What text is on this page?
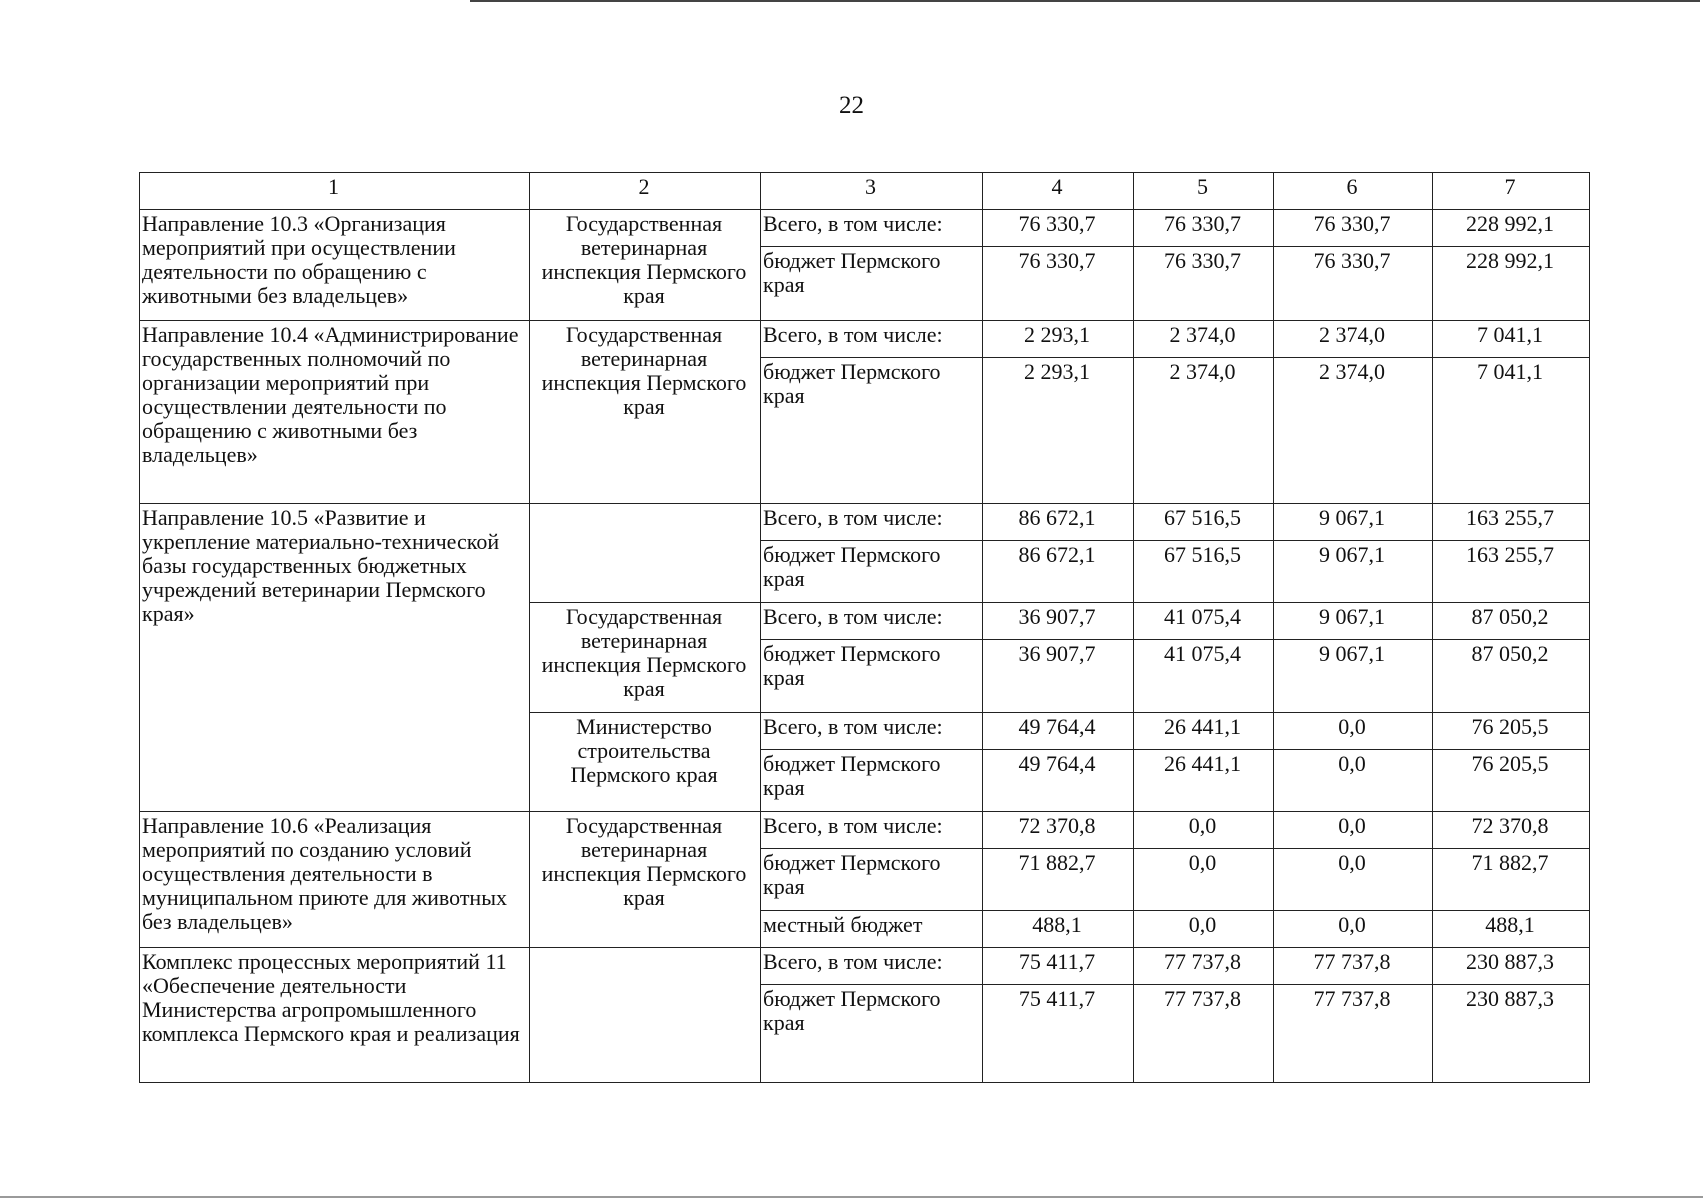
22
1	2	3	4	5	6	7
Направление 10.3 «Организация мероприятий при осуществлении деятельности по обращению с животными без владельцев»	Государственная ветеринарная инспекция Пермского края	Всего, в том числе:	76 330,7	76 330,7	76 330,7	228 992,1
		бюджет Пермского края	76 330,7	76 330,7	76 330,7	228 992,1
Направление 10.4 «Администрирование государственных полномочий по организации мероприятий при осуществлении деятельности по обращению с животными без владельцев»	Государственная ветеринарная инспекция Пермского края	Всего, в том числе:	2 293,1	2 374,0	2 374,0	7 041,1
		бюджет Пермского края	2 293,1	2 374,0	2 374,0	7 041,1
Направление 10.5 «Развитие и укрепление материально-технической базы государственных бюджетных учреждений ветеринарии Пермского края»		Всего, в том числе:	86 672,1	67 516,5	9 067,1	163 255,7
		бюджет Пермского края	86 672,1	67 516,5	9 067,1	163 255,7
	Государственная ветеринарная инспекция Пермского края	Всего, в том числе:	36 907,7	41 075,4	9 067,1	87 050,2
		бюджет Пермского края	36 907,7	41 075,4	9 067,1	87 050,2
	Министерство строительства Пермского края	Всего, в том числе:	49 764,4	26 441,1	0,0	76 205,5
		бюджет Пермского края	49 764,4	26 441,1	0,0	76 205,5
Направление 10.6 «Реализация мероприятий по созданию условий осуществления деятельности в муниципальном приюте для животных без владельцев»	Государственная ветеринарная инспекция Пермского края	Всего, в том числе:	72 370,8	0,0	0,0	72 370,8
		бюджет Пермского края	71 882,7	0,0	0,0	71 882,7
		местный бюджет	488,1	0,0	0,0	488,1
Комплекс процессных мероприятий 11 «Обеспечение деятельности Министерства агропромышленного комплекса Пермского края и реализация		Всего, в том числе:	75 411,7	77 737,8	77 737,8	230 887,3
		бюджет Пермского края	75 411,7	77 737,8	77 737,8	230 887,3
